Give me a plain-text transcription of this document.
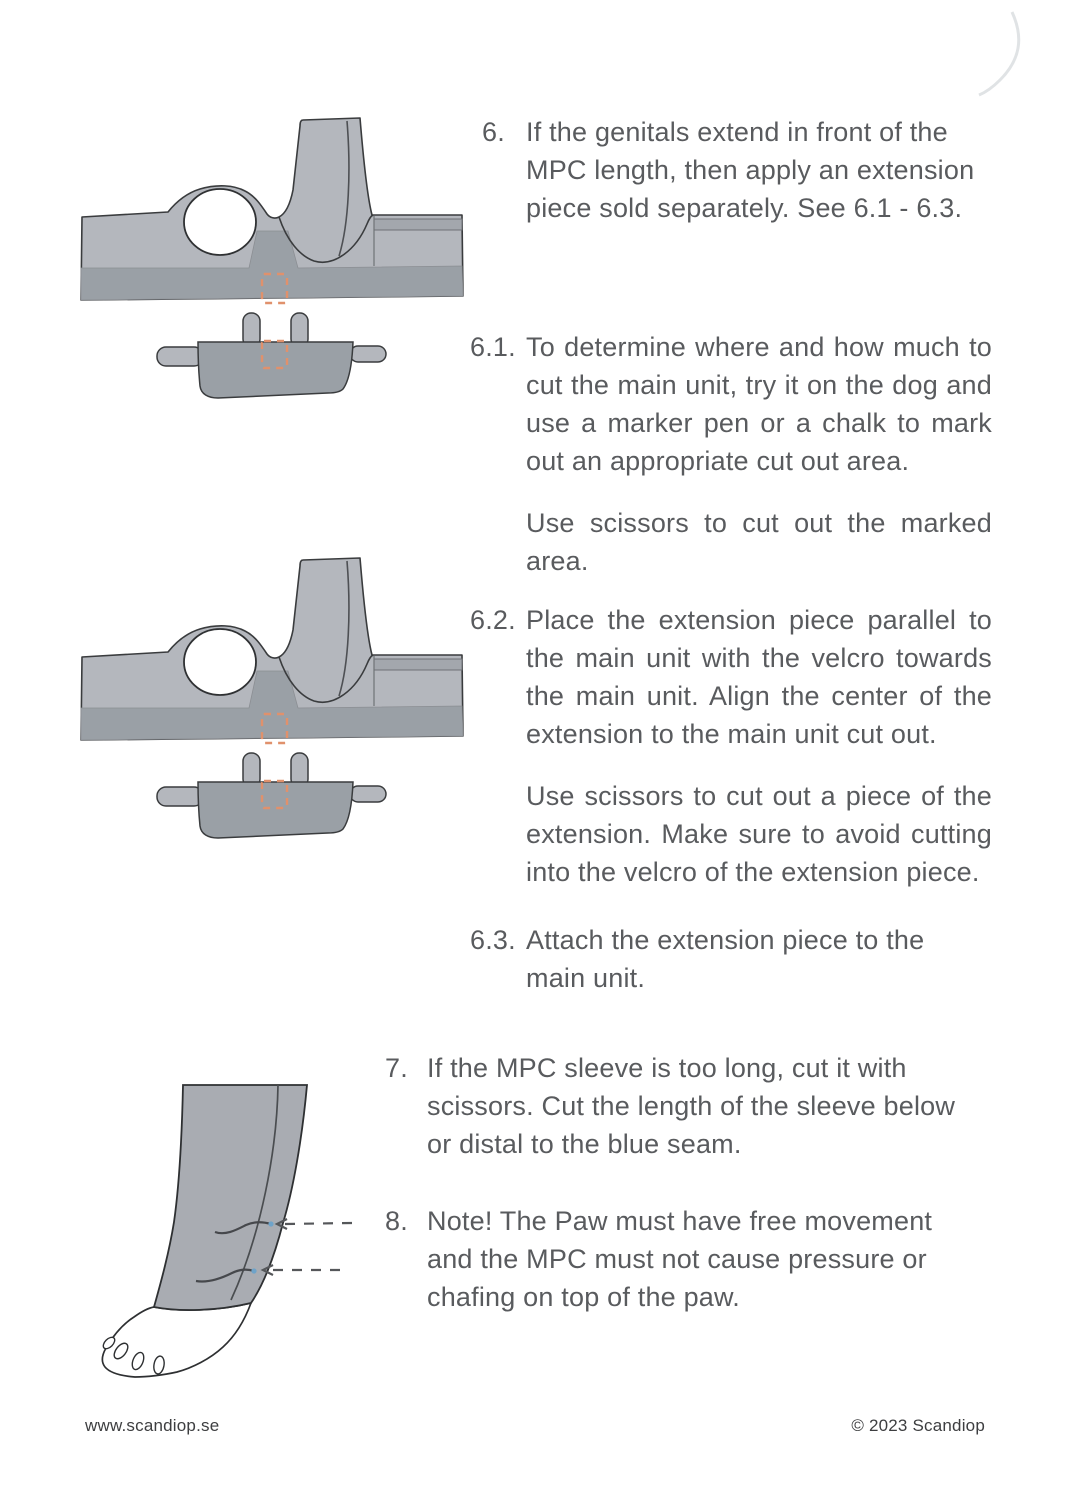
6. If the genitals extend in front of the MPC length, then apply an extension piece sold separately. See 6.1 - 6.3.

6.1. To determine where and how much to cut the main unit, try it on the dog and use a marker pen or a chalk to mark out an appropriate cut out area.

Use scissors to cut out the marked area.

6.2. Place the extension piece parallel to the main unit with the velcro towards the main unit. Align the center of the extension to the main unit cut out.

Use scissors to cut out a piece of the extension. Make sure to avoid cutting into the velcro of the extension piece.

6.3. Attach the extension piece to the main unit.

7. If the MPC sleeve is too long, cut it with scissors. Cut the length of the sleeve below or distal to the blue seam.

8. Note! The Paw must have free movement and the MPC must not cause pressure or chafing on top of the paw.

www.scandiop.se	© 2023 Scandiop
